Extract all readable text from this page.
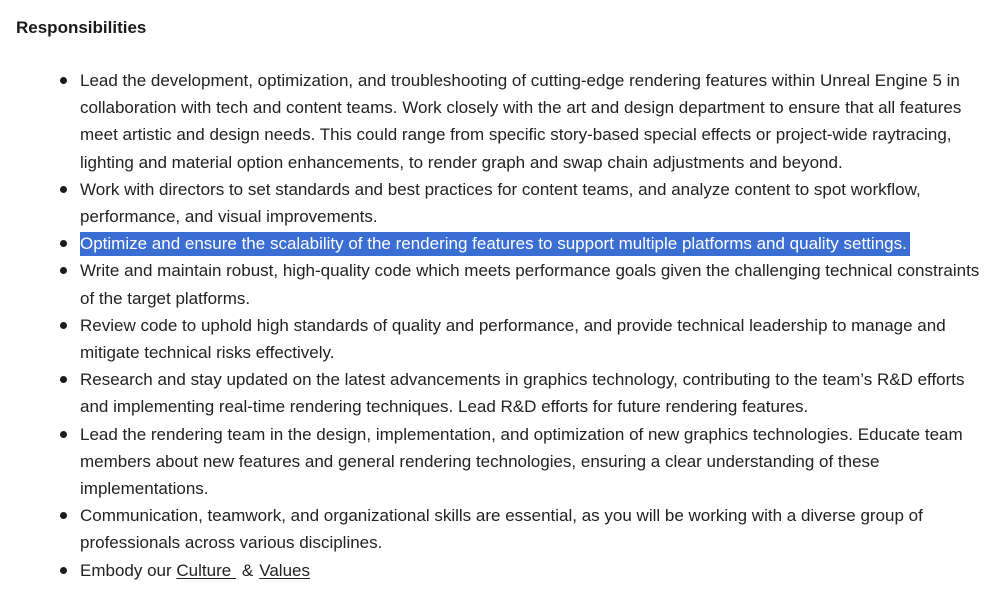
Responsibilities
Lead the development, optimization, and troubleshooting of cutting-edge rendering features within Unreal Engine 5 in collaboration with tech and content teams. Work closely with the art and design department to ensure that all features meet artistic and design needs. This could range from specific story-based special effects or project-wide raytracing, lighting and material option enhancements, to render graph and swap chain adjustments and beyond.
Work with directors to set standards and best practices for content teams, and analyze content to spot workflow, performance, and visual improvements.
Optimize and ensure the scalability of the rendering features to support multiple platforms and quality settings.
Write and maintain robust, high-quality code which meets performance goals given the challenging technical constraints of the target platforms.
Review code to uphold high standards of quality and performance, and provide technical leadership to manage and mitigate technical risks effectively.
Research and stay updated on the latest advancements in graphics technology, contributing to the team’s R&D efforts and implementing real-time rendering techniques. Lead R&D efforts for future rendering features.
Lead the rendering team in the design, implementation, and optimization of new graphics technologies. Educate team members about new features and general rendering technologies, ensuring a clear understanding of these implementations.
Communication, teamwork, and organizational skills are essential, as you will be working with a diverse group of professionals across various disciplines.
Embody our Culture & Values
